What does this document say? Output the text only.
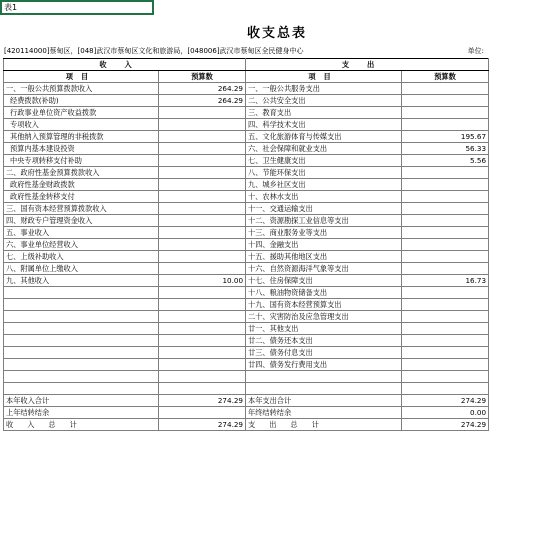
表1
收支总表
[420114000]蔡甸区，[048]武汉市蔡甸区文化和旅游局，[048006]武汉市蔡甸区全民健身中心	单位:
收入		支出	
项目	预算数	项目	预算数
一、一般公共预算拨款收入	264.29	一、一般公共服务支出	
经费拨款(补助)	264.29	二、公共安全支出	
行政事业单位资产收益拨款		三、教育支出	
专项收入		四、科学技术支出	
其他纳入预算管理的非税拨款		五、文化旅游体育与传媒支出	195.67
预算内基本建设投资		六、社会保障和就业支出	56.33
中央专项转移支付补助		七、卫生健康支出	5.56
二、政府性基金预算拨款收入		八、节能环保支出	
政府性基金财政拨款		九、城乡社区支出	
政府性基金转移支付		十、农林水支出	
三、国有资本经营预算拨款收入		十一、交通运输支出	
四、财政专户管理资金收入		十二、资源勘探工业信息等支出	
五、事业收入		十三、商业服务业等支出	
六、事业单位经营收入		十四、金融支出	
七、上级补助收入		十五、援助其他地区支出	
八、附属单位上缴收入		十六、自然资源海洋气象等支出	
九、其他收入	10.00	十七、住房保障支出	16.73
		十八、粮油物资储备支出	
		十九、国有资本经营预算支出	
		二十、灾害防治及应急管理支出	
		廿一、其他支出	
		廿二、债务还本支出	
		廿三、债务付息支出	
		廿四、债务发行费用支出	

本年收入合计	274.29	本年支出合计	274.29
上年结转结余		年终结转结余	0.00
收入总计	274.29	支出总计	274.29
